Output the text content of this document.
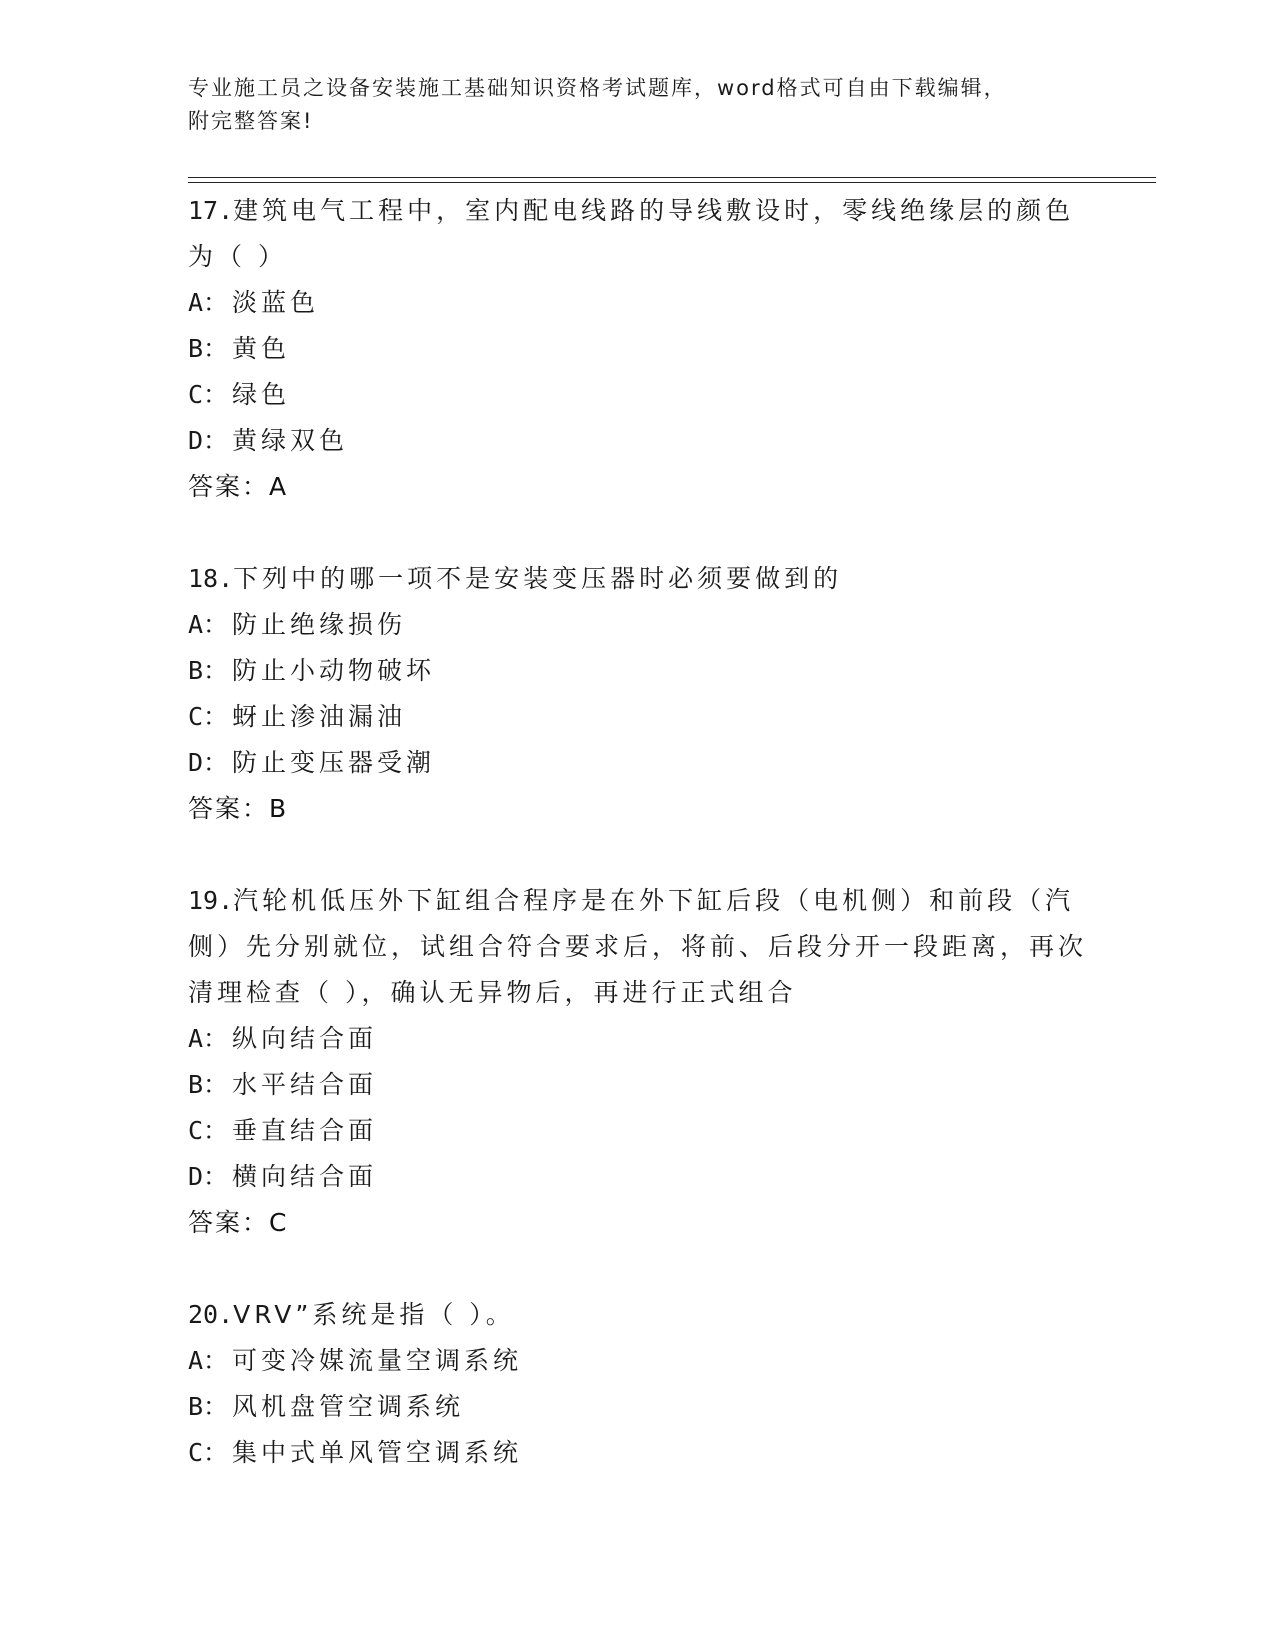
专业施工员之设备安装施工基础知识资格考试题库，word格式可自由下载编辑，
附完整答案!

17.建筑电气工程中，室内配电线路的导线敷设时，零线绝缘层的颜色为（ ）

A： 淡蓝色

B： 黄色

C： 绿色

D： 黄绿双色

答案：A

18.下列中的哪一项不是安装变压器时必须要做到的

A： 防止绝缘损伤

B： 防止小动物破坏

C： 蚜止渗油漏油

D： 防止变压器受潮

答案：B

19.汽轮机低压外下缸组合程序是在外下缸后段（电机侧）和前段（汽侧）先分别就位，试组合符合要求后，将前、后段分开一段距离，再次清理检查（ ），确认无异物后，再进行正式组合

A： 纵向结合面

B： 水平结合面

C： 垂直结合面

D： 横向结合面

答案：C

20.VRV”系统是指（ ）。

A： 可变冷媒流量空调系统

B： 风机盘管空调系统

C： 集中式单风管空调系统
